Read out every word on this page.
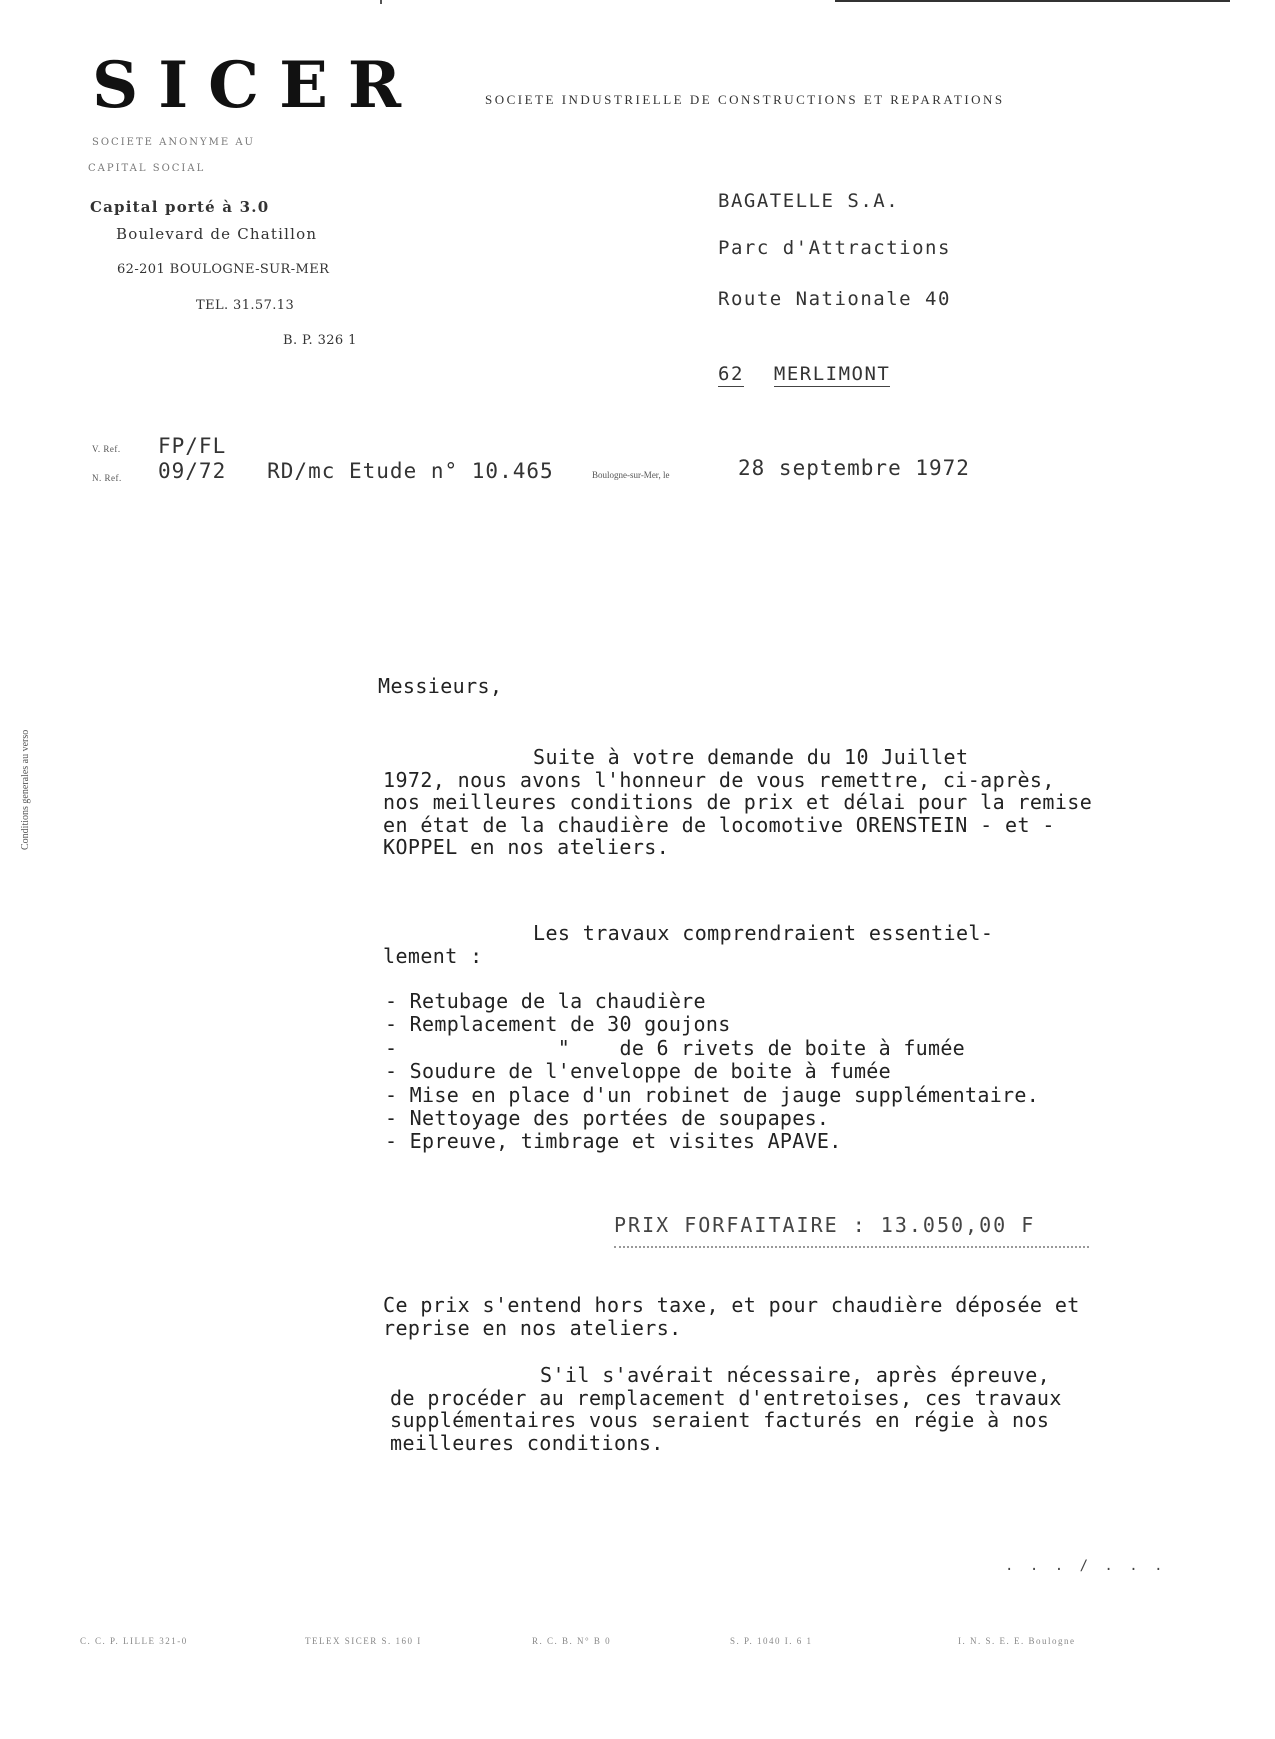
SICER	SOCIETE INDUSTRIELLE DE CONSTRUCTIONS ET REPARATIONS
SOCIETE ANONYME AU
CAPITAL SOCIAL
Capital porté à 3.0
Boulevard de Chatillon
62-201 BOULOGNE-SUR-MER
TEL. 31.57.13
B. P. 326 1
BAGATELLE S.A.
Parc d'Attractions
Route Nationale 40
62 MERLIMONT
V. Ref. FP/FL
N. Ref. 09/72   RD/mc Etude n° 10.465	Boulogne-sur-Mer, le	28 septembre 1972
Conditions generales au verso
Messieurs,

Suite à votre demande du 10 Juillet

1972, nous avons l'honneur de vous remettre, ci-après, nos meilleures conditions de prix et délai pour la remise en état de la chaudière de locomotive ORENSTEIN - et - KOPPEL en nos ateliers.

Les travaux comprendraient essentiel-

lement :

- Retubage de la chaudière
- Remplacement de 30 goujons
-             "    de 6 rivets de boite à fumée
- Soudure de l'enveloppe de boite à fumée
- Mise en place d'un robinet de jauge supplémentaire.
- Nettoyage des portées de soupapes.
- Epreuve, timbrage et visites APAVE.
PRIX FORFAITAIRE : 13.050,00 F
Ce prix s'entend hors taxe, et pour chaudière déposée et reprise en nos ateliers.

S'il s'avérait nécessaire, après épreuve,

de procéder au remplacement d'entretoises, ces travaux supplémentaires vous seraient facturés en régie à nos meilleures conditions.

. . . / . . .
C. C. P. LILLE 321-0	TELEX SICER S. 160 I	R. C. B. N° B 0	S. P. 1040 I. 6 1	I. N. S. E. E. Boulogne
